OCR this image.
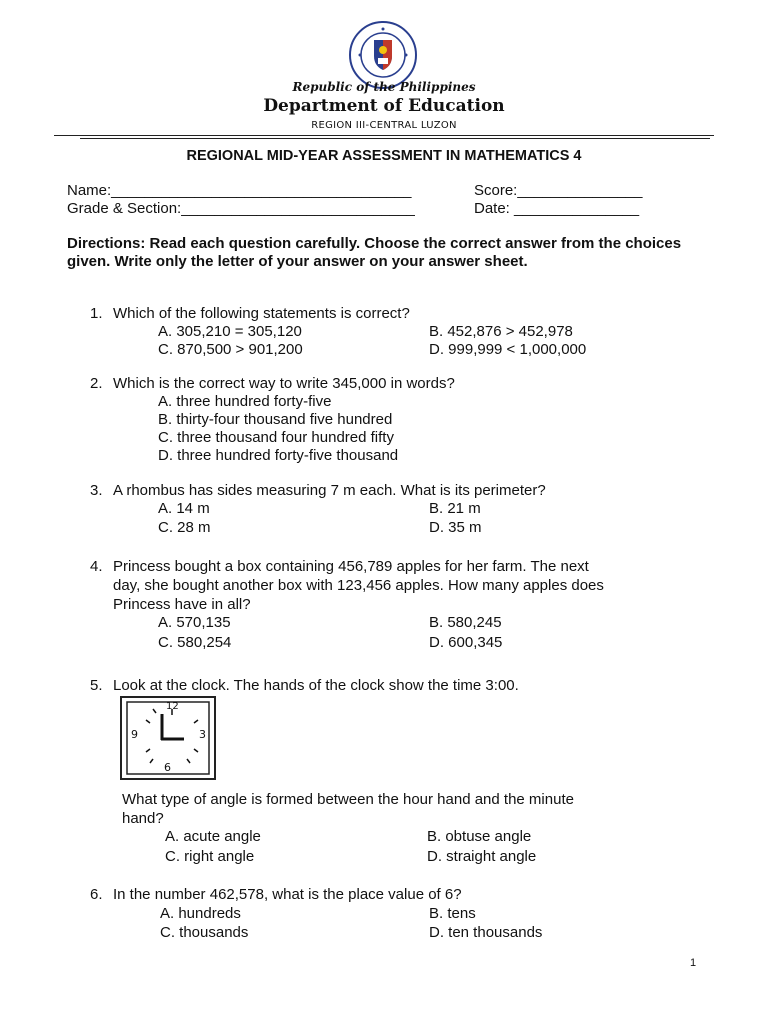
Republic of the Philippines
Department of Education
REGION III-CENTRAL LUZON
REGIONAL MID-YEAR ASSESSMENT IN MATHEMATICS 4
Name:____________________________________	Score:_______________
Grade & Section:____________________________	Date: _______________
Directions: Read each question carefully. Choose the correct answer from the choices given. Write only the letter of your answer on your answer sheet.
1. Which of the following statements is correct?
A. 305,210 = 305,120	B. 452,876 > 452,978
C. 870,500 > 901,200	D. 999,999 < 1,000,000
2. Which is the correct way to write 345,000 in words?
A. three hundred forty-five
B. thirty-four thousand five hundred
C. three thousand four hundred fifty
D. three hundred forty-five thousand
3. A rhombus has sides measuring 7 m each. What is its perimeter?
A. 14 m	B. 21 m
C. 28 m	D. 35 m
4. Princess bought a box containing 456,789 apples for her farm. The next
day, she bought another box with 123,456 apples. How many apples does
Princess have in all?
A. 570,135	B. 580,245
C. 580,254	D. 600,345
5. Look at the clock. The hands of the clock show the time 3:00.
12
3
6
9
What type of angle is formed between the hour hand and the minute
hand?
A. acute angle	B. obtuse angle
C. right angle	D. straight angle
6. In the number 462,578, what is the place value of 6?
A. hundreds	B. tens
C. thousands	D. ten thousands
1
